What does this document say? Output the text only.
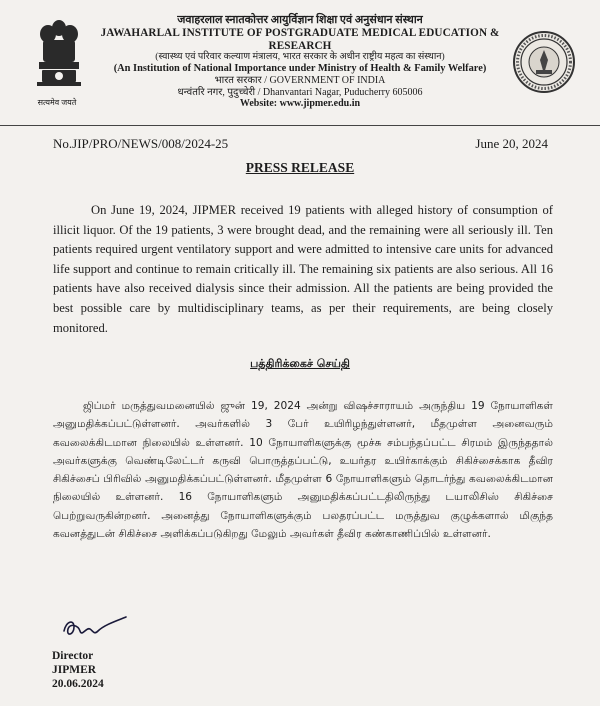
सत्यमेव जयते
जवाहरलाल स्नातकोत्तर आयुर्विज्ञान शिक्षा एवं अनुसंधान संस्थान
JAWAHARLAL INSTITUTE OF POSTGRADUATE MEDICAL EDUCATION & RESEARCH
(स्वास्थ्य एवं परिवार कल्याण मंत्रालय, भारत सरकार के अधीन राष्ट्रीय महत्व का संस्थान)
(An Institution of National Importance under Ministry of Health & Family Welfare)
भारत सरकार / GOVERNMENT OF INDIA
धन्वंतरि नगर, पुदुच्चेरी / Dhanvantari Nagar, Puducherry 605006
Website: www.jipmer.edu.in
No.JIP/PRO/NEWS/008/2024-25	June 20, 2024
PRESS RELEASE
On June 19, 2024, JIPMER received 19 patients with alleged history of consumption of illicit liquor. Of the 19 patients, 3 were brought dead, and the remaining were all seriously ill. Ten patients required urgent ventilatory support and were admitted to intensive care units for advanced life support and continue to remain critically ill. The remaining six patients are also serious. All 16 patients have also received dialysis since their admission. All the patients are being provided the best possible care by multidisciplinary teams, as per their requirements, are being closely monitored.
பத்திரிக்கைச் செய்தி
ஜிப்மர் மருத்துவமனையில் ஜுன் 19, 2024 அன்று விஷச்சாராயம் அருந்திய 19 நோயாளிகள் அனுமதிக்கப்பட்டுள்ளனர். அவர்களில் 3 பேர் உயிரிழந்துள்ளனர், மீதமுள்ள அனைவரும் கவலைக்கிடமான நிலையில் உள்ளனர். 10 நோயாளிகளுக்கு மூச்சு சம்பந்தப்பட்ட சிரமம் இருந்ததால் அவர்களுக்கு வெண்டிலேட்டர் கருவி பொருத்தப்பட்டு, உயர்தர உயிர்காக்கும் சிகிச்சைக்காக தீவிர சிகிச்சைப் பிரிவில் அனுமதிக்கப்பட்டுள்ளனர். மீதமுள்ள 6 நோயாளிகளும் தொடர்ந்து கவலைக்கிடமான நிலையில் உள்ளனர். 16 நோயாளிகளும் அனுமதிக்கப்பட்டதிலிருந்து டயாலிசிஸ் சிகிச்சை பெற்றுவருகின்றனர். அனைத்து நோயாளிகளுக்கும் பலதரப்பட்ட மருத்துவ குழுக்களால் மிகுந்த கவனத்துடன் சிகிச்சை அளிக்கப்படுகிறது மேலும் அவர்கள் தீவிர கண்காணிப்பில் உள்ளனர்.
Director
JIPMER
20.06.2024
